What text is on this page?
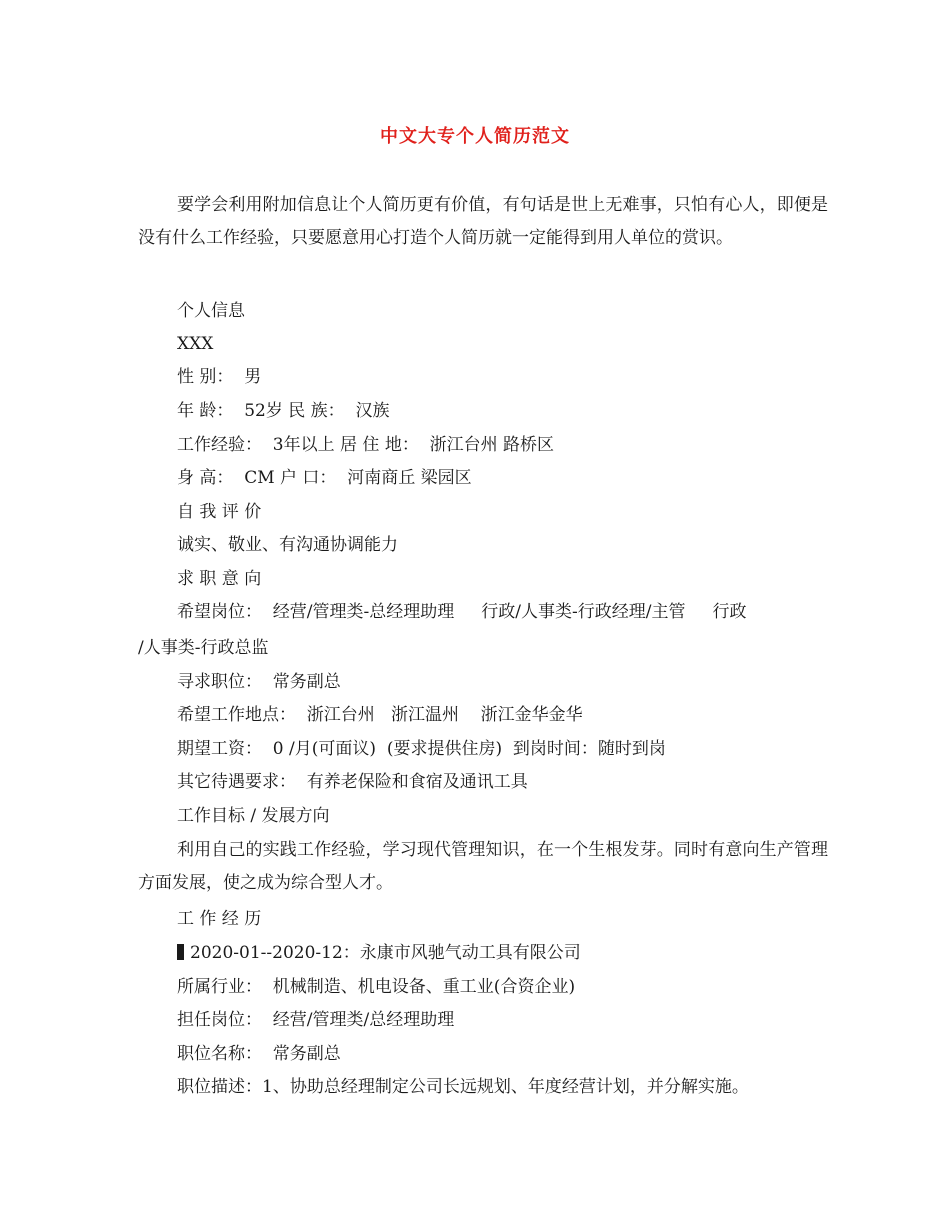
中文大专个人简历范文
要学会利用附加信息让个人简历更有价值，有句话是世上无难事，只怕有心人，即便是没有什么工作经验，只要愿意用心打造个人简历就一定能得到用人单位的赏识。
个人信息
XXX
性 别：  男
年 龄：  52岁 民 族：  汉族
工作经验：  3年以上 居 住 地：  浙江台州 路桥区
身 高：  CM 户 口：  河南商丘 梁园区
自 我 评 价
诚实、敬业、有沟通协调能力
求 职 意 向
希望岗位：  经营/管理类-总经理助理     行政/人事类-行政经理/主管     行政
/人事类-行政总监
寻求职位：  常务副总
希望工作地点：  浙江台州   浙江温州    浙江金华金华
期望工资：  0 /月(可面议)  (要求提供住房)  到岗时间：随时到岗
其它待遇要求：  有养老保险和食宿及通讯工具
工作目标 / 发展方向
利用自己的实践工作经验，学习现代管理知识，在一个生根发芽。同时有意向生产管理方面发展，使之成为综合型人才。
工 作 经 历
2020-01--2020-12：永康市风驰气动工具有限公司
所属行业：  机械制造、机电设备、重工业(合资企业)
担任岗位：  经营/管理类/总经理助理
职位名称：  常务副总
职位描述：1、协助总经理制定公司长远规划、年度经营计划，并分解实施。
